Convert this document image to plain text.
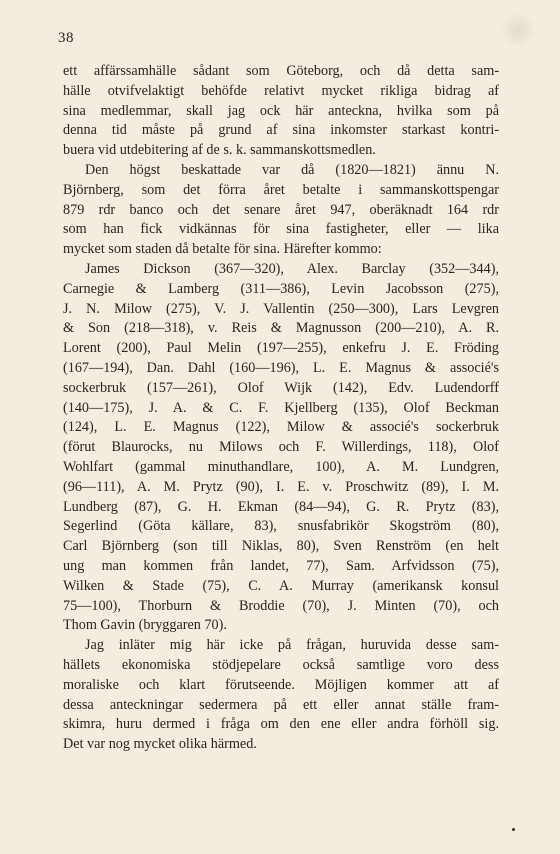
38
ett affärssamhälle sådant som Göteborg, och då detta sam-
hälle otvifvelaktigt behöfde relativt mycket rikliga bidrag af
sina medlemmar, skall jag ock här anteckna, hvilka som på
denna tid måste på grund af sina inkomster starkast kontri-
buera vid utdebitering af de s. k. sammanskottsmedlen.
Den högst beskattade var då (1820—1821) ännu N.
Björnberg, som det förra året betalte i sammanskottspengar
879 rdr banco och det senare året 947, oberäknadt 164 rdr
som han fick vidkännas för sina fastigheter, eller — lika
mycket som staden då betalte för sina. Härefter kommo:
James Dickson (367—320), Alex. Barclay (352—344),
Carnegie & Lamberg (311—386), Levin Jacobsson (275),
J. N. Milow (275), V. J. Vallentin (250—300), Lars Levgren
& Son (218—318), v. Reis & Magnusson (200—210), A. R.
Lorent (200), Paul Melin (197—255), enkefru J. E. Fröding
(167—194), Dan. Dahl (160—196), L. E. Magnus & associé's
sockerbruk (157—261), Olof Wijk (142), Edv. Ludendorff
(140—175), J. A. & C. F. Kjellberg (135), Olof Beckman
(124), L. E. Magnus (122), Milow & associé's sockerbruk
(förut Blaurocks, nu Milows och F. Willerdings, 118), Olof
Wohlfart (gammal minuthandlare, 100), A. M. Lundgren,
(96—111), A. M. Prytz (90), I. E. v. Proschwitz (89), I. M.
Lundberg (87), G. H. Ekman (84—94), G. R. Prytz (83),
Segerlind (Göta källare, 83), snusfabrikör Skogström (80),
Carl Björnberg (son till Niklas, 80), Sven Renström (en helt
ung man kommen från landet, 77), Sam. Arfvidsson (75),
Wilken & Stade (75), C. A. Murray (amerikansk konsul
75—100), Thorburn & Broddie (70), J. Minten (70), och
Thom Gavin (bryggaren 70).
Jag inläter mig här icke på frågan, huruvida desse sam-
hällets ekonomiska stödjepelare också samtlige voro dess
moraliske och klart förutseende. Möjligen kommer att af
dessa anteckningar sedermera på ett eller annat ställe fram-
skimra, huru dermed i fråga om den ene eller andra förhöll sig.
Det var nog mycket olika härmed.
